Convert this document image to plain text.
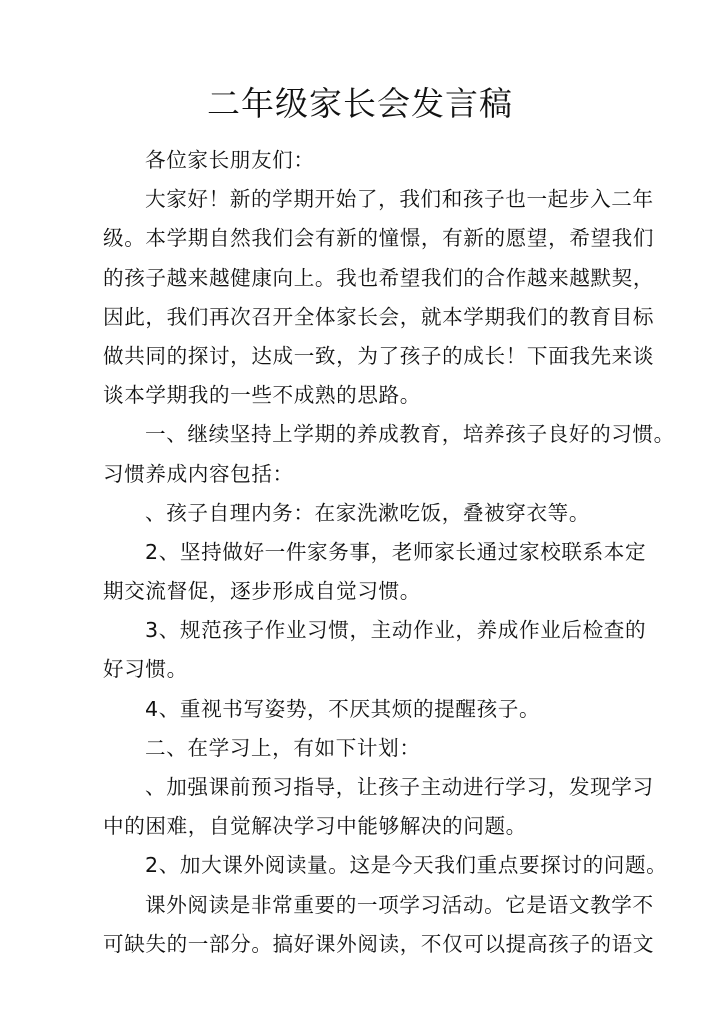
二年级家长会发言稿
各位家长朋友们：
大家好！新的学期开始了，我们和孩子也一起步入二年
级。本学期自然我们会有新的憧憬，有新的愿望，希望我们
的孩子越来越健康向上。我也希望我们的合作越来越默契，
因此，我们再次召开全体家长会，就本学期我们的教育目标
做共同的探讨，达成一致，为了孩子的成长！下面我先来谈
谈本学期我的一些不成熟的思路。
一、继续坚持上学期的养成教育，培养孩子良好的习惯。
习惯养成内容包括：
、孩子自理内务：在家洗漱吃饭，叠被穿衣等。
2、坚持做好一件家务事，老师家长通过家校联系本定
期交流督促，逐步形成自觉习惯。
3、规范孩子作业习惯，主动作业，养成作业后检查的
好习惯。
4、重视书写姿势，不厌其烦的提醒孩子。
二、在学习上，有如下计划：
、加强课前预习指导，让孩子主动进行学习，发现学习
中的困难，自觉解决学习中能够解决的问题。
2、加大课外阅读量。这是今天我们重点要探讨的问题。
课外阅读是非常重要的一项学习活动。它是语文教学不
可缺失的一部分。搞好课外阅读，不仅可以提高孩子的语文
